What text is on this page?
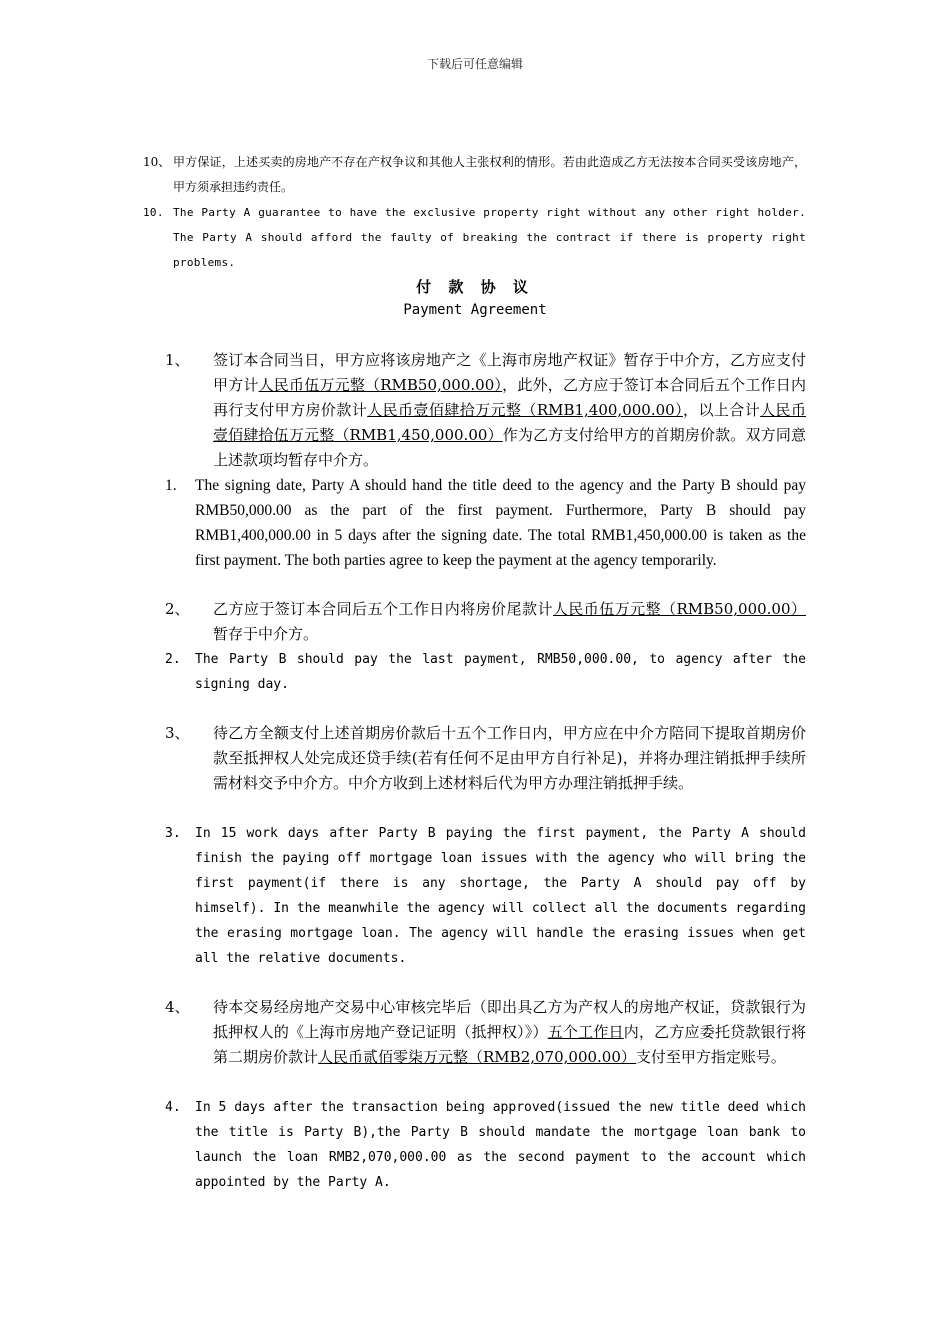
下载后可任意编辑
10、 甲方保证，上述买卖的房地产不存在产权争议和其他人主张权利的情形。若由此造成乙方无法按本合同买受该房地产，甲方须承担违约责任。
10. The Party A guarantee to have the exclusive property right without any other right holder. The Party A should afford the faulty of breaking the contract if there is property right problems.
付 款 协 议
Payment Agreement
1、 签订本合同当日，甲方应将该房地产之《上海市房地产权证》暂存于中介方，乙方应支付甲方计人民币伍万元整（RMB50,000.00），此外，乙方应于签订本合同后五个工作日内再行支付甲方房价款计人民币壹佰肆拾万元整（RMB1,400,000.00），以上合计人民币壹佰肆拾伍万元整（RMB1,450,000.00）作为乙方支付给甲方的首期房价款。双方同意上述款项均暂存中介方。
1. The signing date, Party A should hand the title deed to the agency and the Party B should pay RMB50,000.00 as the part of the first payment. Furthermore, Party B should pay RMB1,400,000.00 in 5 days after the signing date. The total RMB1,450,000.00 is taken as the first payment. The both parties agree to keep the payment at the agency temporarily.
2、 乙方应于签订本合同后五个工作日内将房价尾款计人民币伍万元整（RMB50,000.00）暂存于中介方。
2. The Party B should pay the last payment, RMB50,000.00, to agency after the signing day.
3、 待乙方全额支付上述首期房价款后十五个工作日内，甲方应在中介方陪同下提取首期房价款至抵押权人处完成还贷手续(若有任何不足由甲方自行补足)，并将办理注销抵押手续所需材料交予中介方。中介方收到上述材料后代为甲方办理注销抵押手续。
3. In 15 work days after Party B paying the first payment, the Party A should finish the paying off mortgage loan issues with the agency who will bring the first payment(if there is any shortage, the Party A should pay off by himself). In the meanwhile the agency will collect all the documents regarding the erasing mortgage loan. The agency will handle the erasing issues when get all the relative documents.
4、 待本交易经房地产交易中心审核完毕后（即出具乙方为产权人的房地产权证，贷款银行为抵押权人的《上海市房地产登记证明（抵押权）》）五个工作日内，乙方应委托贷款银行将第二期房价款计人民币贰佰零柒万元整（RMB2,070,000.00）支付至甲方指定账号。
4. In 5 days after the transaction being approved(issued the new title deed which the title is Party B),the Party B should mandate the mortgage loan bank to launch the loan RMB2,070,000.00 as the second payment to the account which appointed by the Party A.
